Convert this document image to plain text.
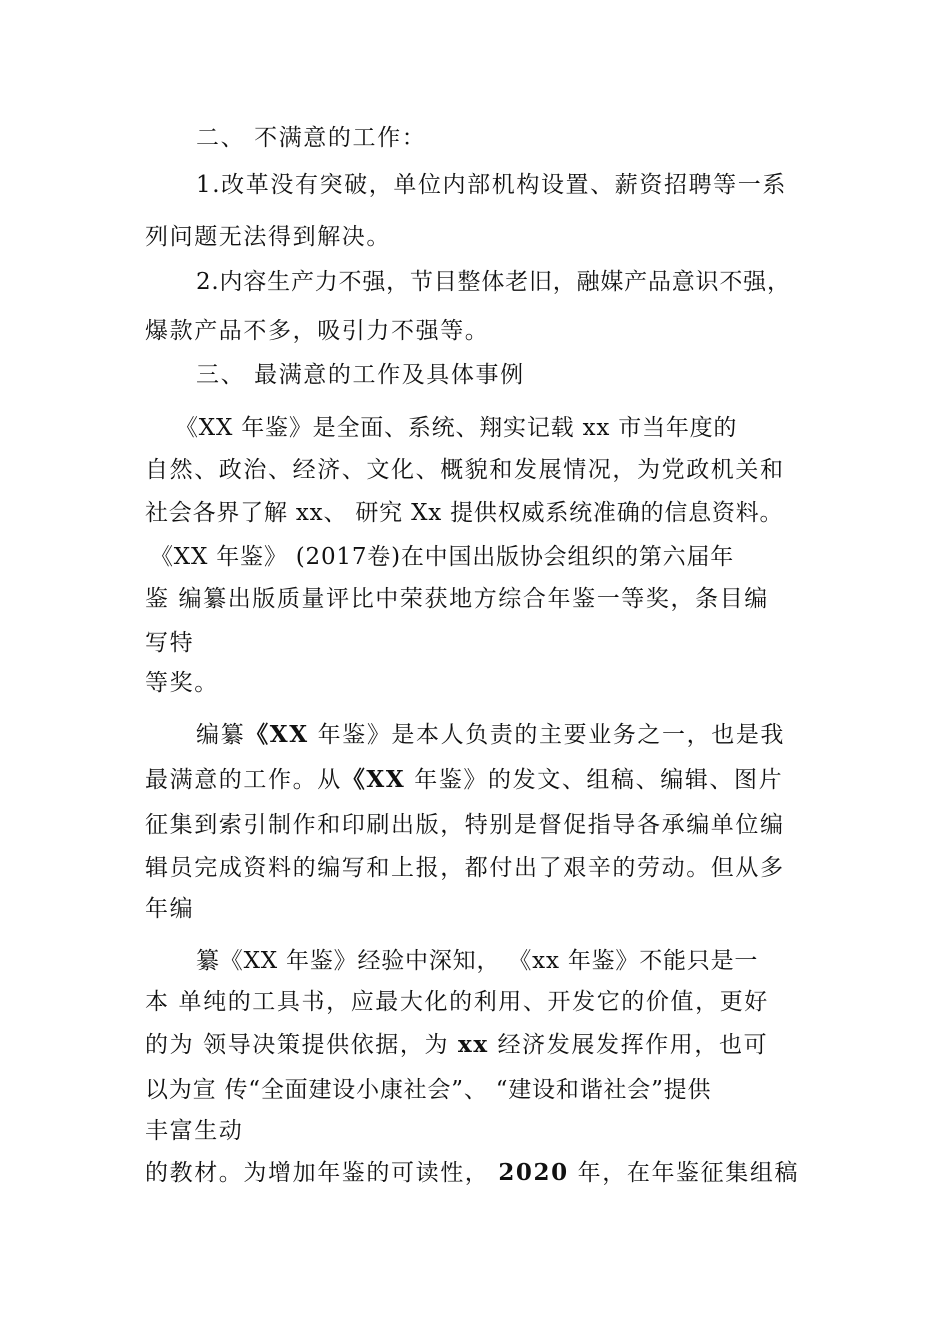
二、 不满意的工作：
1.改革没有突破，单位内部机构设置、薪资招聘等一系
列问题无法得到解决。
2.内容生产力不强，节目整体老旧，融媒产品意识不强，
爆款产品不多，吸引力不强等。
三、 最满意的工作及具体事例
《XX 年鉴》是全面、系统、翔实记载 xx 市当年度的
自然、政治、经济、文化、概貌和发展情况，为党政机关和
社会各界了解 xx、 研究 Xx 提供权威系统准确的信息资料。
《XX 年鉴》 (2017卷)在中国出版协会组织的第六届年
鉴 编纂出版质量评比中荣获地方综合年鉴一等奖，条目编
写特
等奖。
编纂《XX 年鉴》是本人负责的主要业务之一，也是我
最满意的工作。从《XX 年鉴》的发文、组稿、编辑、图片
征集到索引制作和印刷出版，特别是督促指导各承编单位编
辑员完成资料的编写和上报，都付出了艰辛的劳动。但从多
年编
纂《XX 年鉴》经验中深知， 《xx 年鉴》不能只是一
本 单纯的工具书，应最大化的利用、开发它的价值，更好
的为 领导决策提供依据，为 xx 经济发展发挥作用，也可
以为宣 传“全面建设小康社会”、 “建设和谐社会”提供
丰富生动
的教材。为增加年鉴的可读性， 2020 年，在年鉴征集组稿
